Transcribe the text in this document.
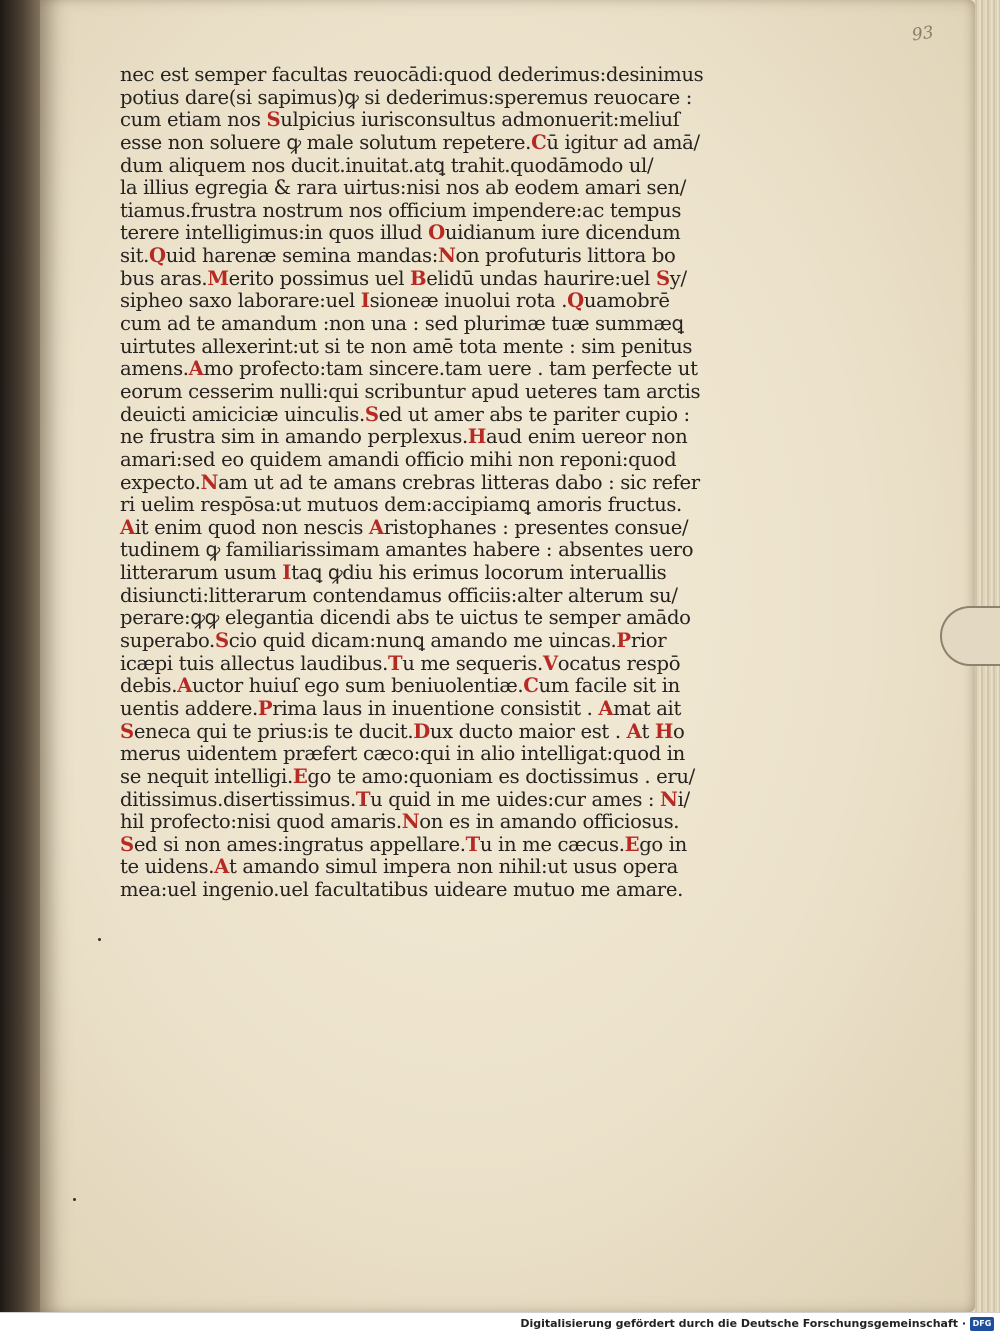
93
nec est semper facultas reuocādi:quod dederimus:desinimus
potius dare(si sapimus)ꝙ si dederimus:speremus reuocare :
cum etiam nos Sulpicius iurisconsultus admonuerit:meliuſ
esse non soluere ꝙ male solutum repetere.Cū igitur ad amā/
dum aliquem nos ducit.inuitat.atꝗ trahit.quodāmodo ul/
la illius egregia & rara uirtus:nisi nos ab eodem amari sen/
tiamus.frustra nostrum nos officium impendere:ac tempus
terere intelligimus:in quos illud Ouidianum iure dicendum
sit.Quid harenæ semina mandas:Non profuturis littora bo
bus aras.Merito possimus uel Belidū undas haurire:uel Sy/
siphe​o saxo laborare:uel Isioneæ inuolui rota .Quamobrē
cum ad te amandum :non una : sed plurimæ tuæ summæꝗ
uirtutes allexerint:ut si te non amē tota mente : sim penitus
amens.Amo profecto:tam sincere.tam uere . tam perfecte ut
eorum cesserim nulli:qui scribuntur apud ueteres tam arctis
deuicti amiciciæ uinculis.Sed ut amer abs te pariter cupio :
ne frustra sim in amando perplexus.Haud enim uereor non
amari:sed eo quidem amandi officio mihi non reponi:quod
expecto.Nam ut ad te amans crebras litteras dabo : sic refer
ri uelim respōsa:ut mutuos dem:accipiamꝗ amoris fructus.
Ait enim quod non nescis Aristophanes : presentes consue/
tudinem ꝙ familiarissimam amantes habere : absentes uero
litterarum usum Itaꝗ ꝙdiu his erimus locorum interuallis
disiuncti:litterarum contendamus officiis:alter alterum su/
perare:ꝙꝙ elegantia dicendi abs te uictus te semper amādo
superabo.Scio quid dicam:nunꝗ amando me uincas.Prior
icæpi tuis allectus laudibus.Tu me sequeris.Vocatus respō
debis.Auctor huiuſ ego sum beniuolentiæ.Cum facile sit in
uentis addere.Prima laus in inuentione consistit . Amat ait
Seneca qui te prius:is te ducit.Dux ducto maior est . At Ho
merus uidentem præfert cæco:qui in alio intelligat:quod in
se nequit intelligi.Ego te amo:quoniam es doctissimus . eru/
ditissimus.disertissimus.Tu quid in me uides:cur ames : Ni/
hil profecto:nisi quod amaris.Non es in amando officiosus.
Sed si non ames:ingratus appellare.Tu in me cæcus.Ego in
te uidens.At amando simul impera non nihil:ut usus opera
mea:uel ingenio.uel facultatibus uidear​e mutuo me amare.
Digitalisierung gefördert durch die Deutsche Forschungsgemeinschaft · DFG
